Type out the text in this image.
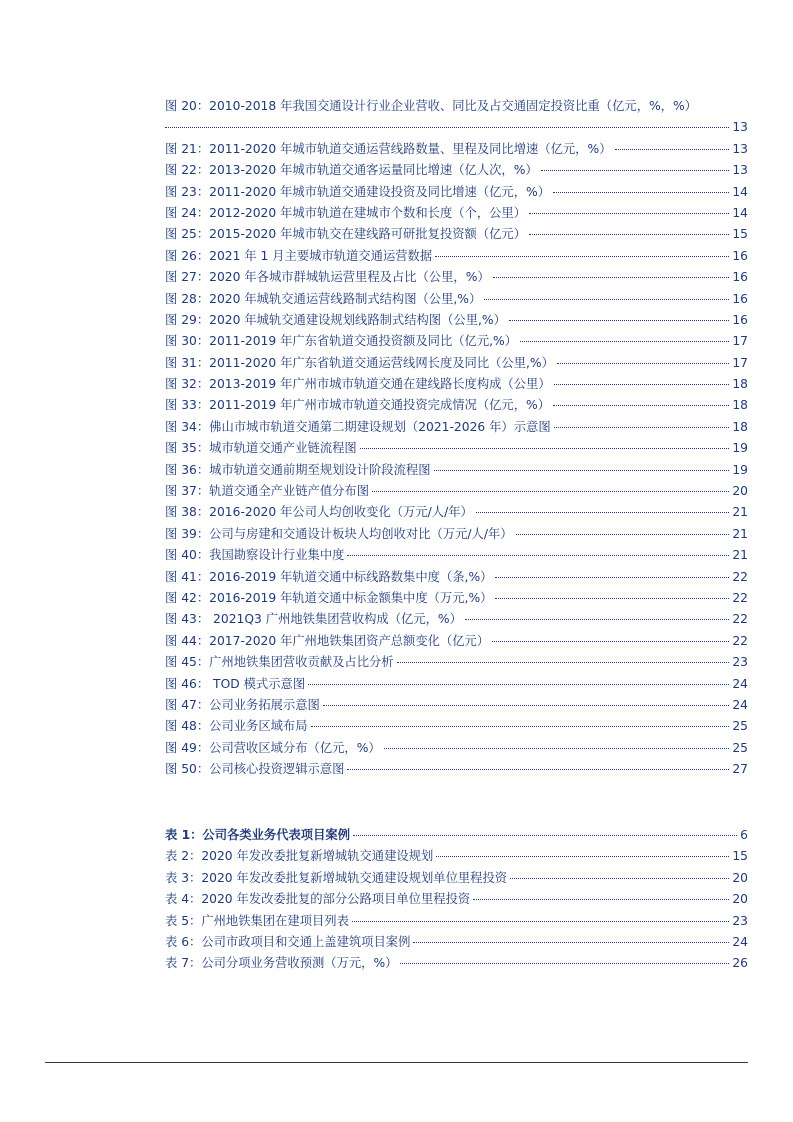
图 20：2010-2018 年我国交通设计行业企业营收、同比及占交通固定投资比重（亿元，%，%）
13
图 21：2011-2020 年城市轨道交通运营线路数量、里程及同比增速（亿元，%）	13
图 22：2013-2020 年城市轨道交通客运量同比增速（亿人次，%）	13
图 23：2011-2020 年城市轨道交通建设投资及同比增速（亿元，%）	14
图 24：2012-2020 年城市轨道在建城市个数和长度（个，公里）	14
图 25：2015-2020 年城市轨交在建线路可研批复投资额（亿元）	15
图 26：2021 年 1 月主要城市轨道交通运营数据	16
图 27：2020 年各城市群城轨运营里程及占比（公里，%）	16
图 28：2020 年城轨交通运营线路制式结构图（公里,%）	16
图 29：2020 年城轨交通建设规划线路制式结构图（公里,%）	16
图 30：2011-2019 年广东省轨道交通投资额及同比（亿元,%）	17
图 31：2011-2020 年广东省轨道交通运营线网长度及同比（公里,%）	17
图 32：2013-2019 年广州市城市轨道交通在建线路长度构成（公里）	18
图 33：2011-2019 年广州市城市轨道交通投资完成情况（亿元，%）	18
图 34：佛山市城市轨道交通第二期建设规划（2021-2026 年）示意图	18
图 35：城市轨道交通产业链流程图	19
图 36：城市轨道交通前期至规划设计阶段流程图	19
图 37：轨道交通全产业链产值分布图	20
图 38：2016-2020 年公司人均创收变化（万元/人/年）	21
图 39：公司与房建和交通设计板块人均创收对比（万元/人/年）	21
图 40：我国勘察设计行业集中度	21
图 41：2016-2019 年轨道交通中标线路数集中度（条,%）	22
图 42：2016-2019 年轨道交通中标金额集中度（万元,%）	22
图 43： 2021Q3 广州地铁集团营收构成（亿元，%）	22
图 44：2017-2020 年广州地铁集团资产总额变化（亿元）	22
图 45：广州地铁集团营收贡献及占比分析	23
图 46： TOD 模式示意图	24
图 47：公司业务拓展示意图	24
图 48：公司业务区域布局	25
图 49：公司营收区域分布（亿元，%）	25
图 50：公司核心投资逻辑示意图	27
表 1：公司各类业务代表项目案例	6
表 2：2020 年发改委批复新增城轨交通建设规划	15
表 3：2020 年发改委批复新增城轨交通建设规划单位里程投资	20
表 4：2020 年发改委批复的部分公路项目单位里程投资	20
表 5：广州地铁集团在建项目列表	23
表 6：公司市政项目和交通上盖建筑项目案例	24
表 7：公司分项业务营收预测（万元，%）	26
